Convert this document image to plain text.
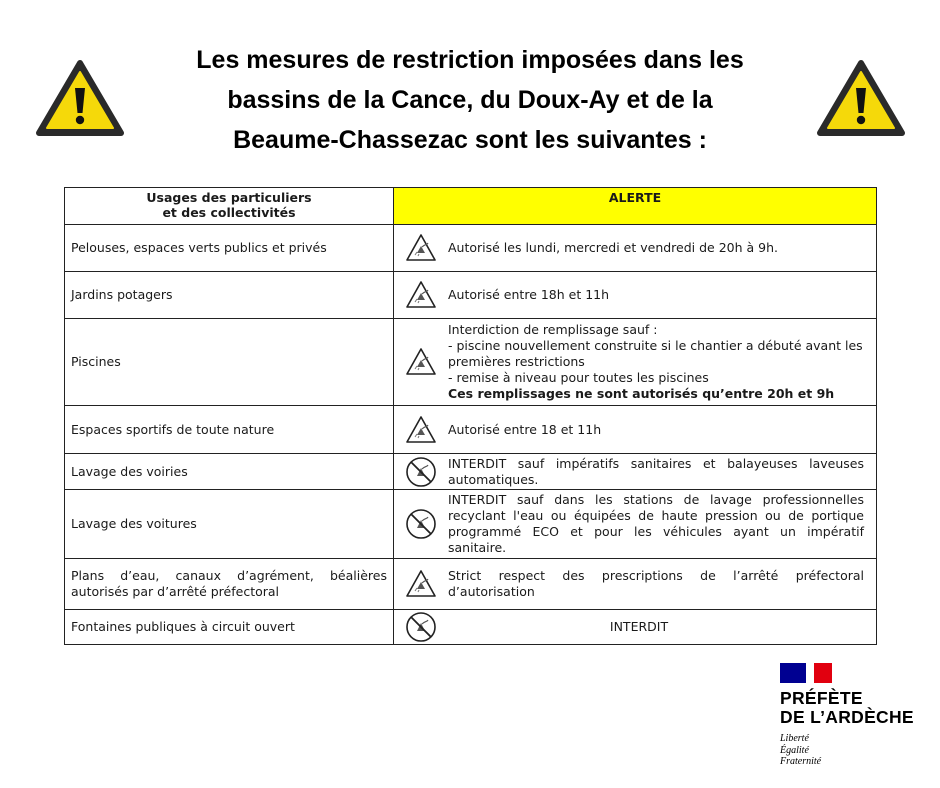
Les mesures de restriction imposées dans les
bassins de la Cance, du Doux-Ay et de la
Beaume-Chassezac sont les suivantes :
Usages des particuliers
et des collectivités	ALERTE
Pelouses, espaces verts publics et privés	Autorisé les lundi, mercredi et vendredi de 20h à 9h.

Jardins potagers	Autorisé entre 18h et 11h

Piscines	Interdiction de remplissage sauf :
- piscine nouvellement construite si le chantier a débuté avant les premières restrictions
- remise à niveau pour toutes les piscines
Ces remplissages ne sont autorisés qu’entre 20h et 9h

Espaces sportifs de toute nature	Autorisé entre 18 et 11h

Lavage des voiries	INTERDIT sauf impératifs sanitaires et balayeuses laveuses automatiques.

Lavage des voitures	INTERDIT sauf dans les stations de lavage professionnelles recyclant l'eau ou équipées de haute pression ou de portique programmé ECO et pour les véhicules ayant un impératif sanitaire.

Plans d’eau, canaux d’agrément, béalières autorisés par d’arrêté préfectoral	Strict respect des prescriptions de l’arrêté préfectoral d’autorisation

Fontaines publiques à circuit ouvert	INTERDIT
PRÉFÈTE
DE L’ARDÈCHE
Liberté
Égalité
Fraternité
